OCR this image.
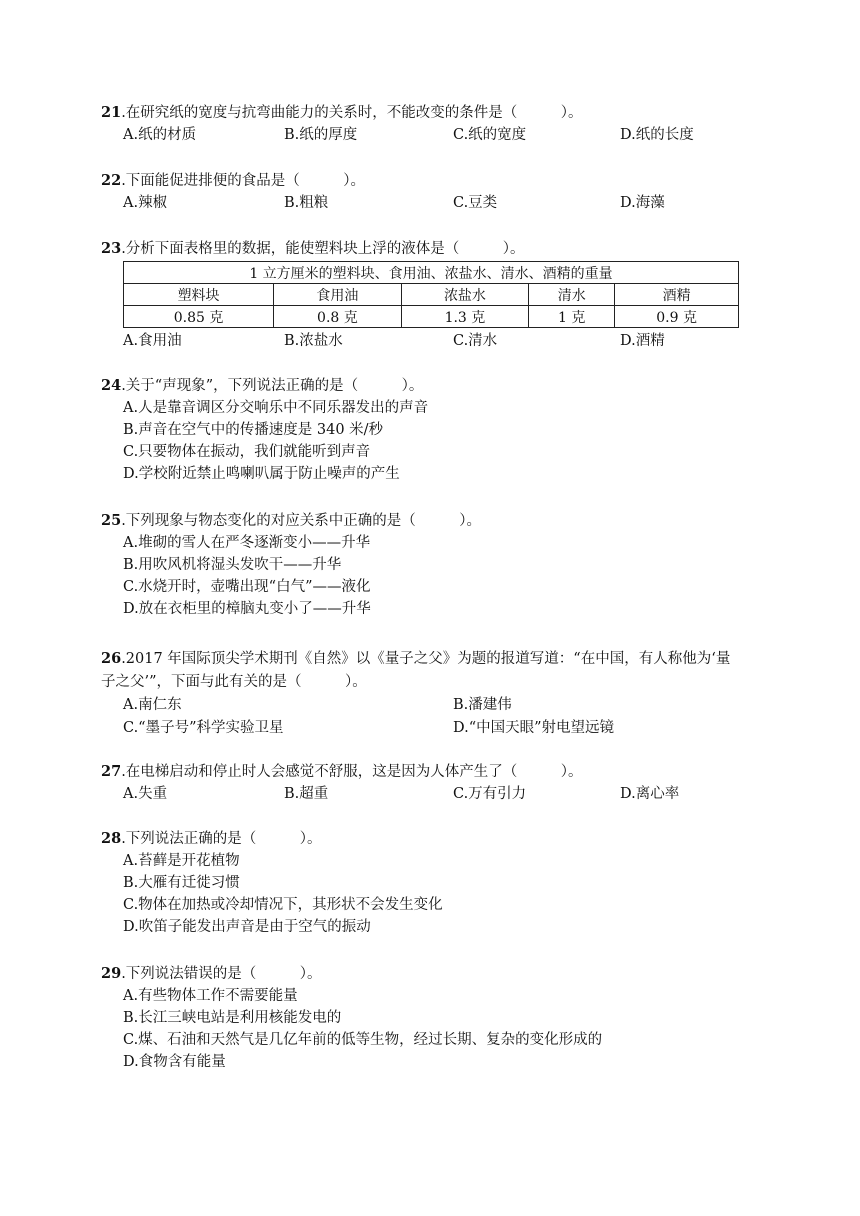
21.在研究纸的宽度与抗弯曲能力的关系时，不能改变的条件是（　　　）。
A.纸的材质	B.纸的厚度	C.纸的宽度	D.纸的长度
22.下面能促进排便的食品是（　　　）。
A.辣椒	B.粗粮	C.豆类	D.海藻
23.分析下面表格里的数据，能使塑料块上浮的液体是（　　　）。
1 立方厘米的塑料块、食用油、浓盐水、清水、酒精的重量				
塑料块	食用油	浓盐水	清水	酒精
0.85 克	0.8 克	1.3 克	1 克	0.9 克
A.食用油	B.浓盐水	C.清水	D.酒精
24.关于“声现象”，下列说法正确的是（　　　）。
A.人是靠音调区分交响乐中不同乐器发出的声音
B.声音在空气中的传播速度是 340 米/秒
C.只要物体在振动，我们就能听到声音
D.学校附近禁止鸣喇叭属于防止噪声的产生
25.下列现象与物态变化的对应关系中正确的是（　　　）。
A.堆砌的雪人在严冬逐渐变小——升华
B.用吹风机将湿头发吹干——升华
C.水烧开时，壶嘴出现“白气”——液化
D.放在衣柜里的樟脑丸变小了——升华
26.2017 年国际顶尖学术期刊《自然》以《量子之父》为题的报道写道：“在中国，有人称他为‘量子之父’”，下面与此有关的是（　　　）。
A.南仁东	B.潘建伟
C.“墨子号”科学实验卫星	D.“中国天眼”射电望远镜
27.在电梯启动和停止时人会感觉不舒服，这是因为人体产生了（　　　）。
A.失重	B.超重	C.万有引力	D.离心率
28.下列说法正确的是（　　　）。
A.苔藓是开花植物
B.大雁有迁徙习惯
C.物体在加热或冷却情况下，其形状不会发生变化
D.吹笛子能发出声音是由于空气的振动
29.下列说法错误的是（　　　）。
A.有些物体工作不需要能量
B.长江三峡电站是利用核能发电的
C.煤、石油和天然气是几亿年前的低等生物，经过长期、复杂的变化形成的
D.食物含有能量
